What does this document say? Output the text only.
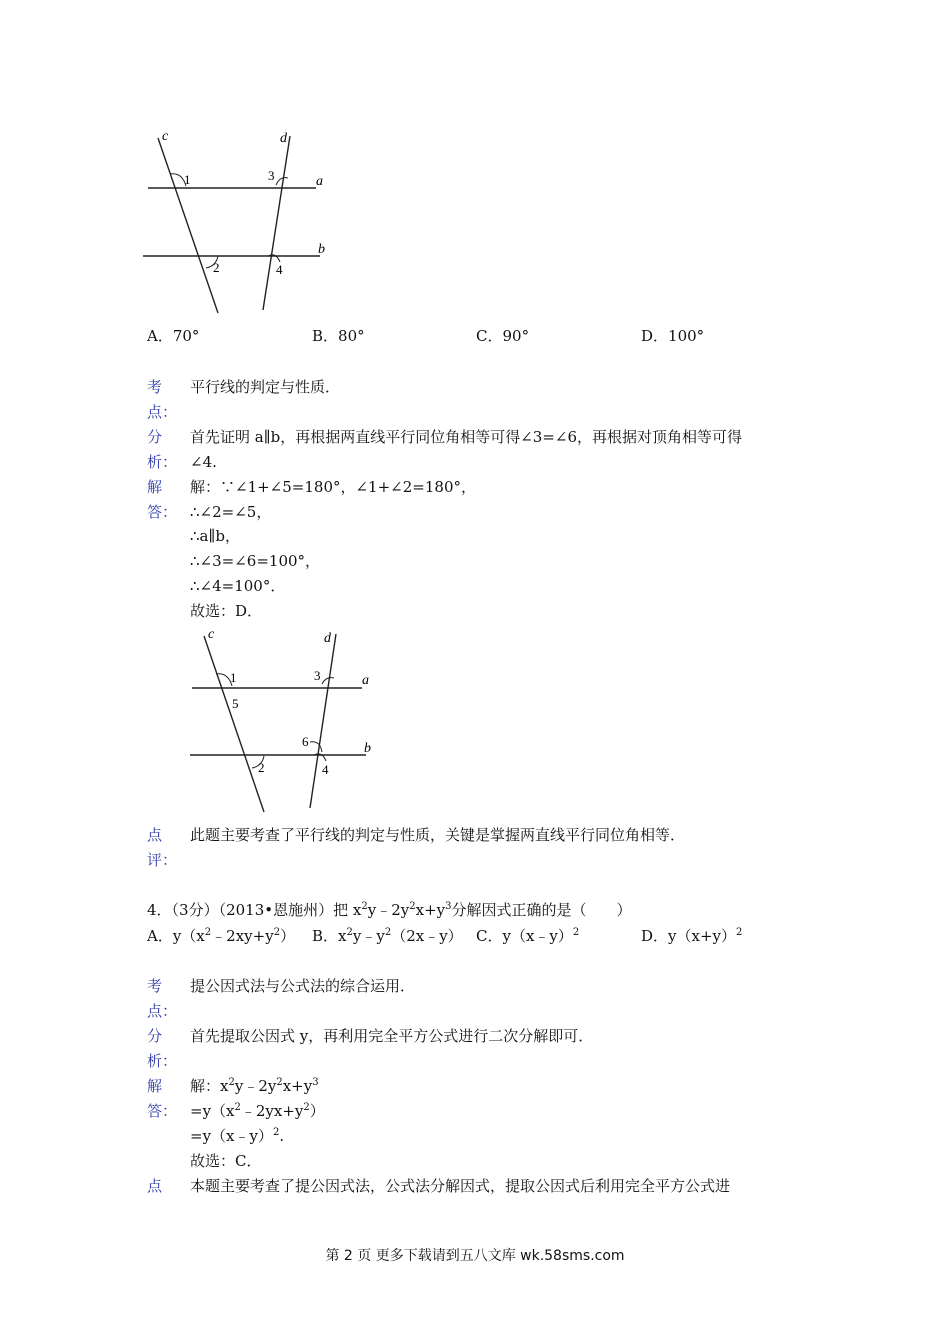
c	d
a
b
1	3
2	4
A．70°	B．80°	C．90°	D．100°
考
点：
平行线的判定与性质．
分
析：
首先证明 a∥b，再根据两直线平行同位角相等可得∠3=∠6，再根据对顶角相等可得
∠4.
解
答：
解：∵∠1+∠5=180°，∠1+∠2=180°，
∴∠2=∠5，
∴a∥b，
∴∠3=∠6=100°，
∴∠4=100°．
故选：D．
c	d
a
b
1
5
3
6
2	4
点
评：
此题主要考查了平行线的判定与性质，关键是掌握两直线平行同位角相等．
4．（3分）（2013•恩施州）把 $x^2y﹣2y^2x+y^3$分解因式正确的是（　　）
A．$y(x^2﹣2xy+y^2)$ B．$x^2y﹣y^2(2x﹣y)$ C．y（x﹣y）$^2$	D．$y(x+y)^2$
考
点：
提公因式法与公式法的综合运用．
分
析：
首先提取公因式 y，再利用完全平方公式进行二次分解即可．
解
答：
解：$x^2y﹣2y^2x+y^3$
$=y(x^2﹣2yx+y^2)$
=y（x﹣y）$^2$.
故选：C．
点 本题主要考查了提公因式法，公式法分解因式，提取公因式后利用完全平方公式进
第 2 页 更多下载请到五八文库 wk.58sms.com
